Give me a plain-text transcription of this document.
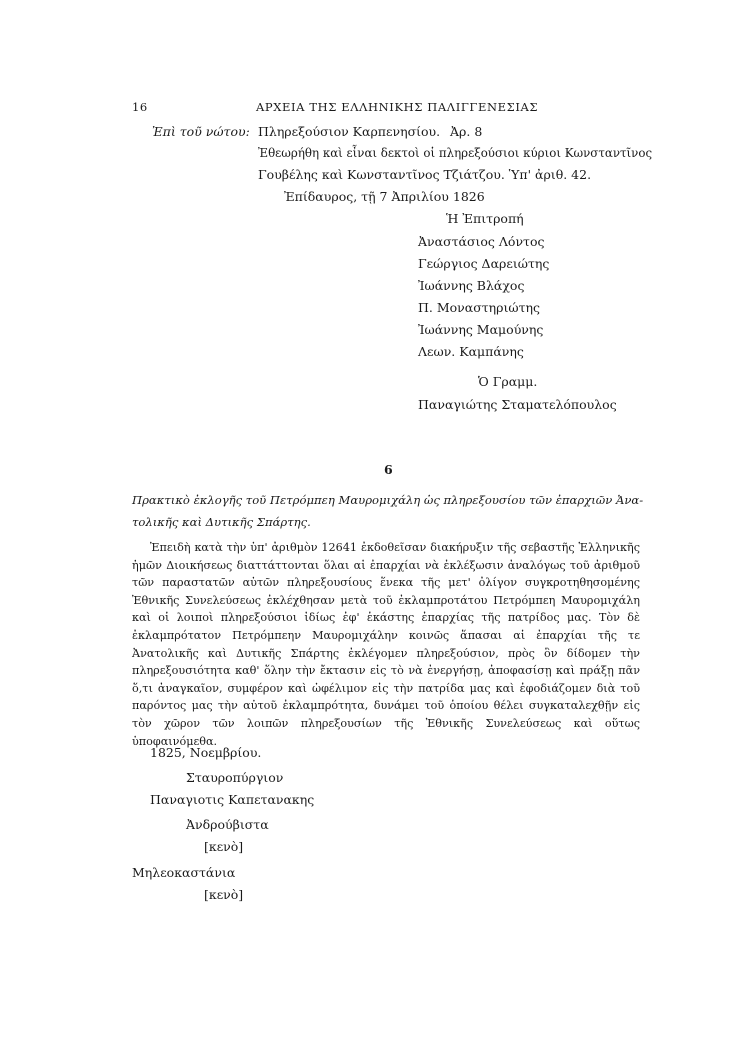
16	ΑΡΧΕΙΑ ΤΗΣ ΕΛΛΗΝΙΚΗΣ ΠΑΛΙΓΓΕΝΕΣΙΑΣ
Ἐπὶ τοῦ νώτου: Πληρεξούσιον Καρπενησίου. Ἀρ. 8
Ἐθεωρήθη καὶ εἶναι δεκτοὶ οἱ πληρεξούσιοι κύριοι Κωνσταντῖνος
Γουβέλης καὶ Κωνσταντῖνος Τζιάτζου. Ὑπ' ἀριθ. 42.
Ἐπίδαυρος, τῇ 7 Ἀπριλίου 1826
Ἡ Ἐπιτροπή
Ἀναστάσιος Λόντος
Γεώργιος Δαρειώτης
Ἰωάννης Βλάχος
Π. Μοναστηριώτης
Ἰωάννης Μαμούνης
Λεων. Καμπάνης
Ὁ Γραμμ.
Παναγιώτης Σταματελόπουλος
6
Πρακτικὸ ἐκλογῆς τοῦ Πετρόμπεη Μαυρομιχάλη ὡς πληρεξουσίου τῶν ἐπαρχιῶν Ἀνα-
τολικῆς καὶ Δυτικῆς Σπάρτης.
Ἐπειδὴ κατὰ τὴν ὑπ' ἀριθμὸν 12641 ἐκδοθεῖσαν διακήρυξιν τῆς σεβαστῆς Ἑλληνικῆς ἡμῶν Διοικήσεως διαττάττονται ὅλαι αἱ ἐπαρχίαι νὰ ἐκλέξωσιν ἀναλόγως τοῦ ἀριθμοῦ τῶν παραστατῶν αὐτῶν πληρεξουσίους ἕνεκα τῆς μετ' ὀλίγον συγκροτηθησομένης Ἐθνικῆς Συνελεύσεως ἐκλέχθησαν μετὰ τοῦ ἐκλαμπροτάτου Πετρόμπεη Μαυρομιχάλη καὶ οἱ λοιποὶ πληρεξούσιοι ἰδίως ἐφ' ἑκάστης ἐπαρχίας τῆς πατρίδος μας. Τὸν δὲ ἐκλαμπρότατον Πετρόμπεην Μαυρομιχάλην κοινῶς ἅπασαι αἱ ἐπαρχίαι τῆς τε Ἀνατολικῆς καὶ Δυτικῆς Σπάρτης ἐκλέγομεν πληρεξούσιον, πρὸς ὃν δίδομεν τὴν πληρεξουσιότητα καθ' ὅλην τὴν ἔκτασιν εἰς τὸ νὰ ἐνεργήσῃ, ἀποφασίσῃ καὶ πράξῃ πᾶν ὅ,τι ἀναγκαῖον, συμφέρον καὶ ὠφέλιμον εἰς τὴν πατρίδα μας καὶ ἐφοδιάζομεν διὰ τοῦ παρόντος μας τὴν αὐτοῦ ἐκλαμπρότητα, δυνάμει τοῦ ὁποίου θέλει συγκαταλεχθῇν εἰς τὸν χῶρον τῶν λοιπῶν πληρεξουσίων τῆς Ἐθνικῆς Συνελεύσεως καὶ οὕτως ὑποφαινόμεθα.
1825, Νοεμβρίου.
Σταυροπύργιον
Παναγιοτις Καπετανακης
Ἀνδρούβιστα
[κενὸ]
Μηλεοκαστάνια
[κενὸ]
